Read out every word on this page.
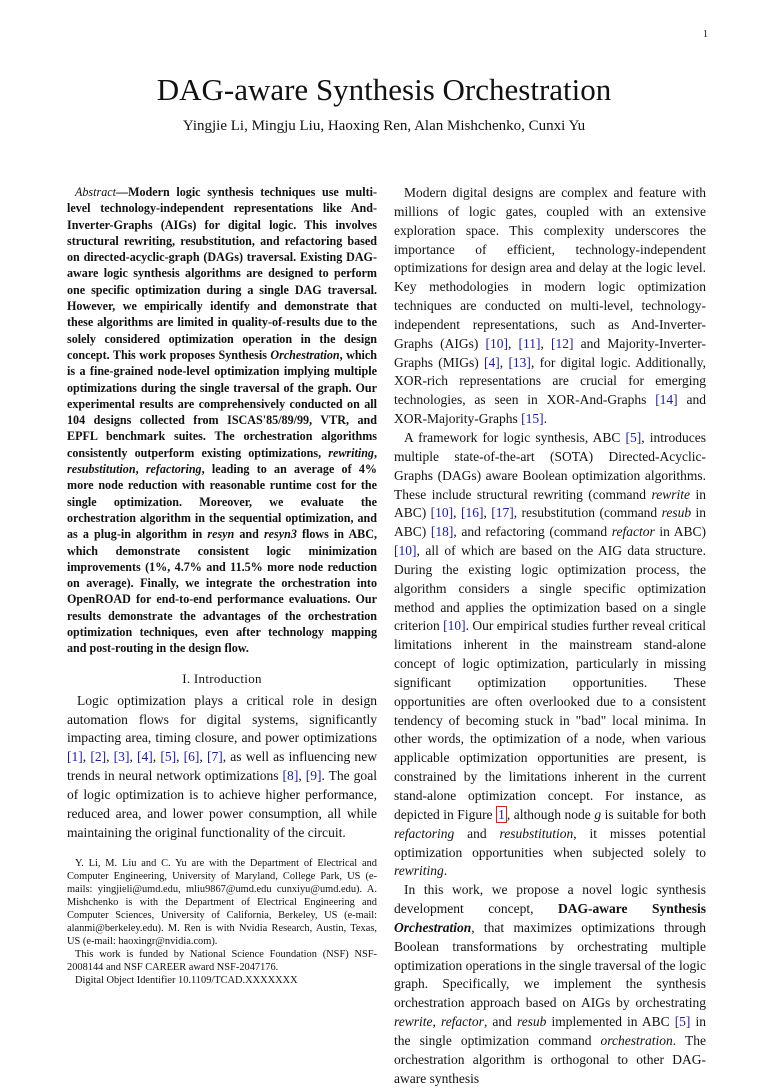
1
DAG-aware Synthesis Orchestration
Yingjie Li, Mingju Liu, Haoxing Ren, Alan Mishchenko, Cunxi Yu

Abstract—Modern logic synthesis techniques use multi-level technology-independent representations like And-Inverter-Graphs (AIGs) for digital logic. This involves structural rewriting, resubstitution, and refactoring based on directed-acyclic-graph (DAGs) traversal. Existing DAG-aware logic synthesis algorithms are designed to perform one specific optimization during a single DAG traversal. However, we empirically identify and demonstrate that these algorithms are limited in quality-of-results due to the solely considered optimization operation in the design concept. This work proposes Synthesis Orchestration, which is a fine-grained node-level optimization implying multiple optimizations during the single traversal of the graph. Our experimental results are comprehensively conducted on all 104 designs collected from ISCAS'85/89/99, VTR, and EPFL benchmark suites. The orchestration algorithms consistently outperform existing optimizations, rewriting, resubstitution, refactoring, leading to an average of 4% more node reduction with reasonable runtime cost for the single optimization. Moreover, we evaluate the orchestration algorithm in the sequential optimization, and as a plug-in algorithm in resyn and resyn3 flows in ABC, which demonstrate consistent logic minimization improvements (1%, 4.7% and 11.5% more node reduction on average). Finally, we integrate the orchestration into OpenROAD for end-to-end performance evaluations. Our results demonstrate the advantages of the orchestration optimization techniques, even after technology mapping and post-routing in the design flow.

I. Introduction

Logic optimization plays a critical role in design automation flows for digital systems, significantly impacting area, timing closure, and power optimizations [1], [2], [3], [4], [5], [6], [7], as well as influencing new trends in neural network optimizations [8], [9]. The goal of logic optimization is to achieve higher performance, reduced area, and lower power consumption, all while maintaining the original functionality of the circuit.

Y. Li, M. Liu and C. Yu are with the Department of Electrical and Computer Engineering, University of Maryland, College Park, US (e-mails: yingjieli@umd.edu, mliu9867@umd.edu cunxiyu@umd.edu). A. Mishchenko is with the Department of Electrical Engineering and Computer Sciences, University of California, Berkeley, US (e-mail: alanmi@berkeley.edu). M. Ren is with Nvidia Research, Austin, Texas, US (e-mail: haoxingr@nvidia.com).

This work is funded by National Science Foundation (NSF) NSF-2008144 and NSF CAREER award NSF-2047176.

Digital Object Identifier 10.1109/TCAD.XXXXXXX

Modern digital designs are complex and feature with millions of logic gates, coupled with an extensive exploration space. This complexity underscores the importance of efficient, technology-independent optimizations for design area and delay at the logic level. Key methodologies in modern logic optimization techniques are conducted on multi-level, technology-independent representations, such as And-Inverter-Graphs (AIGs) [10], [11], [12] and Majority-Inverter-Graphs (MIGs) [4], [13], for digital logic. Additionally, XOR-rich representations are crucial for emerging technologies, as seen in XOR-And-Graphs [14] and XOR-Majority-Graphs [15].

A framework for logic synthesis, ABC [5], introduces multiple state-of-the-art (SOTA) Directed-Acyclic-Graphs (DAGs) aware Boolean optimization algorithms. These include structural rewriting (command rewrite in ABC) [10], [16], [17], resubstitution (command resub in ABC) [18], and refactoring (command refactor in ABC) [10], all of which are based on the AIG data structure. During the existing logic optimization process, the algorithm considers a single specific optimization method and applies the optimization based on a single criterion [10]. Our empirical studies further reveal critical limitations inherent in the mainstream stand-alone concept of logic optimization, particularly in missing significant optimization opportunities. These opportunities are often overlooked due to a consistent tendency of becoming stuck in "bad" local minima. In other words, the optimization of a node, when various applicable optimization opportunities are present, is constrained by the limitations inherent in the current stand-alone optimization concept. For instance, as depicted in Figure 1 , although node g is suitable for both refactoring and resubstitution, it misses potential optimization opportunities when subjected solely to rewriting.

In this work, we propose a novel logic synthesis development concept, DAG-aware Synthesis Orchestration, that maximizes optimizations through Boolean transformations by orchestrating multiple optimization operations in the single traversal of the logic graph. Specifically, we implement the synthesis orchestration approach based on AIGs by orchestrating rewrite, refactor, and resub implemented in ABC [5] in the single optimization command orchestration. The orchestration algorithm is orthogonal to other DAG-aware synthesis
